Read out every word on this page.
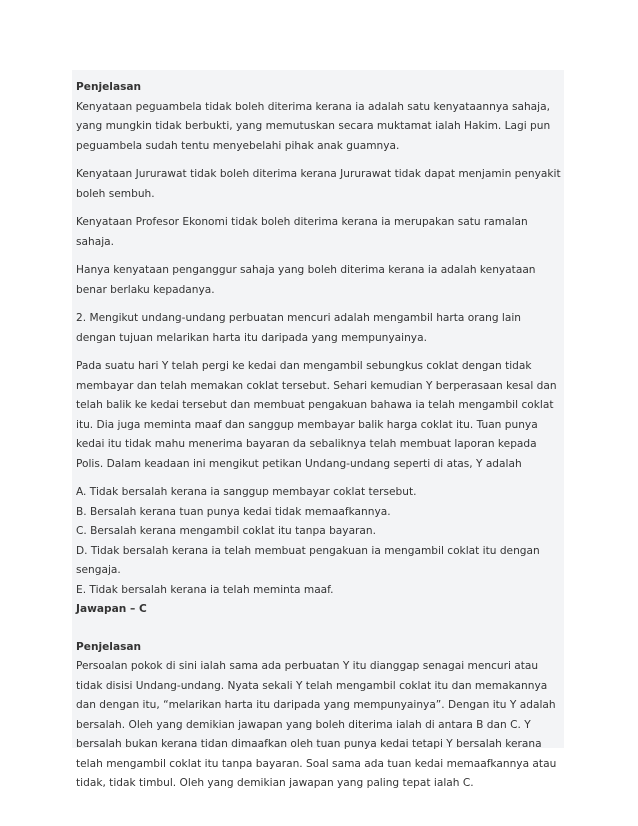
Penjelasan

Kenyataan peguambela tidak boleh diterima kerana ia adalah satu kenyataannya sahaja, yang mungkin tidak berbukti, yang memutuskan secara muktamat ialah Hakim. Lagi pun peguambela sudah tentu menyebelahi pihak anak guamnya.

Kenyataan Jururawat tidak boleh diterima kerana Jururawat tidak dapat menjamin penyakit boleh sembuh.

Kenyataan Profesor Ekonomi tidak boleh diterima kerana ia merupakan satu ramalan sahaja.

Hanya kenyataan penganggur sahaja yang boleh diterima kerana ia adalah kenyataan benar berlaku kepadanya.

2. Mengikut undang-undang perbuatan mencuri adalah mengambil harta orang lain dengan tujuan melarikan harta itu daripada yang mempunyainya.

Pada suatu hari Y telah pergi ke kedai dan mengambil sebungkus coklat dengan tidak membayar dan telah memakan coklat tersebut. Sehari kemudian Y berperasaan kesal dan telah balik ke kedai tersebut dan membuat pengakuan bahawa ia telah mengambil coklat itu. Dia juga meminta maaf dan sanggup membayar balik harga coklat itu. Tuan punya kedai itu tidak mahu menerima bayaran da sebaliknya telah membuat laporan kepada Polis. Dalam keadaan ini mengikut petikan Undang-undang seperti di atas, Y adalah

A. Tidak bersalah kerana ia sanggup membayar coklat tersebut.
B. Bersalah kerana tuan punya kedai tidak memaafkannya.
C. Bersalah kerana mengambil coklat itu tanpa bayaran.
D. Tidak bersalah kerana ia telah membuat pengakuan ia mengambil coklat itu dengan sengaja.
E. Tidak bersalah kerana ia telah meminta maaf.
Jawapan – C
Penjelasan

Persoalan pokok di sini ialah sama ada perbuatan Y itu dianggap senagai mencuri atau tidak disisi Undang-undang. Nyata sekali Y telah mengambil coklat itu dan memakannya dan dengan itu, “melarikan harta itu daripada yang mempunyainya”. Dengan itu Y adalah bersalah. Oleh yang demikian jawapan yang boleh diterima ialah di antara B dan C. Y bersalah bukan kerana tidan dimaafkan oleh tuan punya kedai tetapi Y bersalah kerana telah mengambil coklat itu tanpa bayaran. Soal sama ada tuan kedai memaafkannya atau tidak, tidak timbul. Oleh yang demikian jawapan yang paling tepat ialah C.
